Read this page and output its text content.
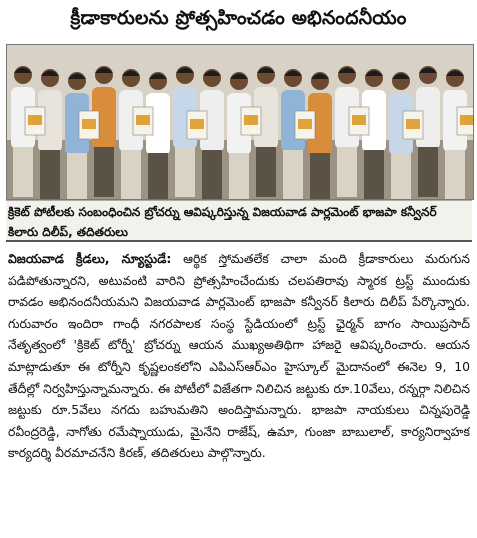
క్రీడాకారులను ప్రోత్సహించడం అభినందనీయం
క్రికెట్ పోటీలకు సంబంధించిన బ్రోచర్ను ఆవిష్కరిస్తున్న విజయవాడ పార్లమెంట్ భాజపా కన్వీనర్ కిలారు దిలీప్, తదితరులు
విజయవాడ క్రీడలు, న్యూస్టుడే: ఆర్థిక స్తోమతలేక చాలా మంది క్రీడాకారులు మరుగున పడిపోతున్నారని, అటువంటి వారిని ప్రోత్సహించేందుకు చలపతిరావు స్మారక ట్రస్ట్ ముందుకు రావడం అభినందనీయమని విజయవాడ పార్లమెంట్ భాజపా కన్వీనర్ కిలారు దిలీప్ పేర్కొన్నారు. గురువారం ఇందిరా గాంధీ నగరపాలక సంస్థ స్టేడియంలో ట్రస్ట్ ఛైర్మన్ బాగం సాయిప్రసాద్ నేతృత్వంలో 'క్రికెట్ టోర్నీ' బ్రోచర్ను ఆయన ముఖ్యఅతిథిగా హాజరై ఆవిష్కరించారు. ఆయన మాట్లాడుతూ ఈ టోర్నీని కృష్ణలంకలోని ఎపిఎస్ఆర్ఎం హైస్కూల్ మైదానంలో ఈనెల 9, 10 తేదీల్లో నిర్వహిస్తున్నామన్నారు. ఈ పోటీలో విజేతగా నిలిచిన జట్టుకు రూ.10వేలు, రన్నర్గా నిలిచిన జట్టుకు రూ.5వేలు నగదు బహుమతిని అందిస్తామన్నారు. భాజపా నాయకులు చిన్నపురెడ్డి రవీంద్రరెడ్డి, నాగోతు రమేష్నాయుడు, మైనేని రాజేష్, ఉమా, గుంజా బాబులాల్, కార్యనిర్వాహక కార్యదర్శి వీరమాచనేని కిరణ్, తదితరులు పాల్గొన్నారు.
